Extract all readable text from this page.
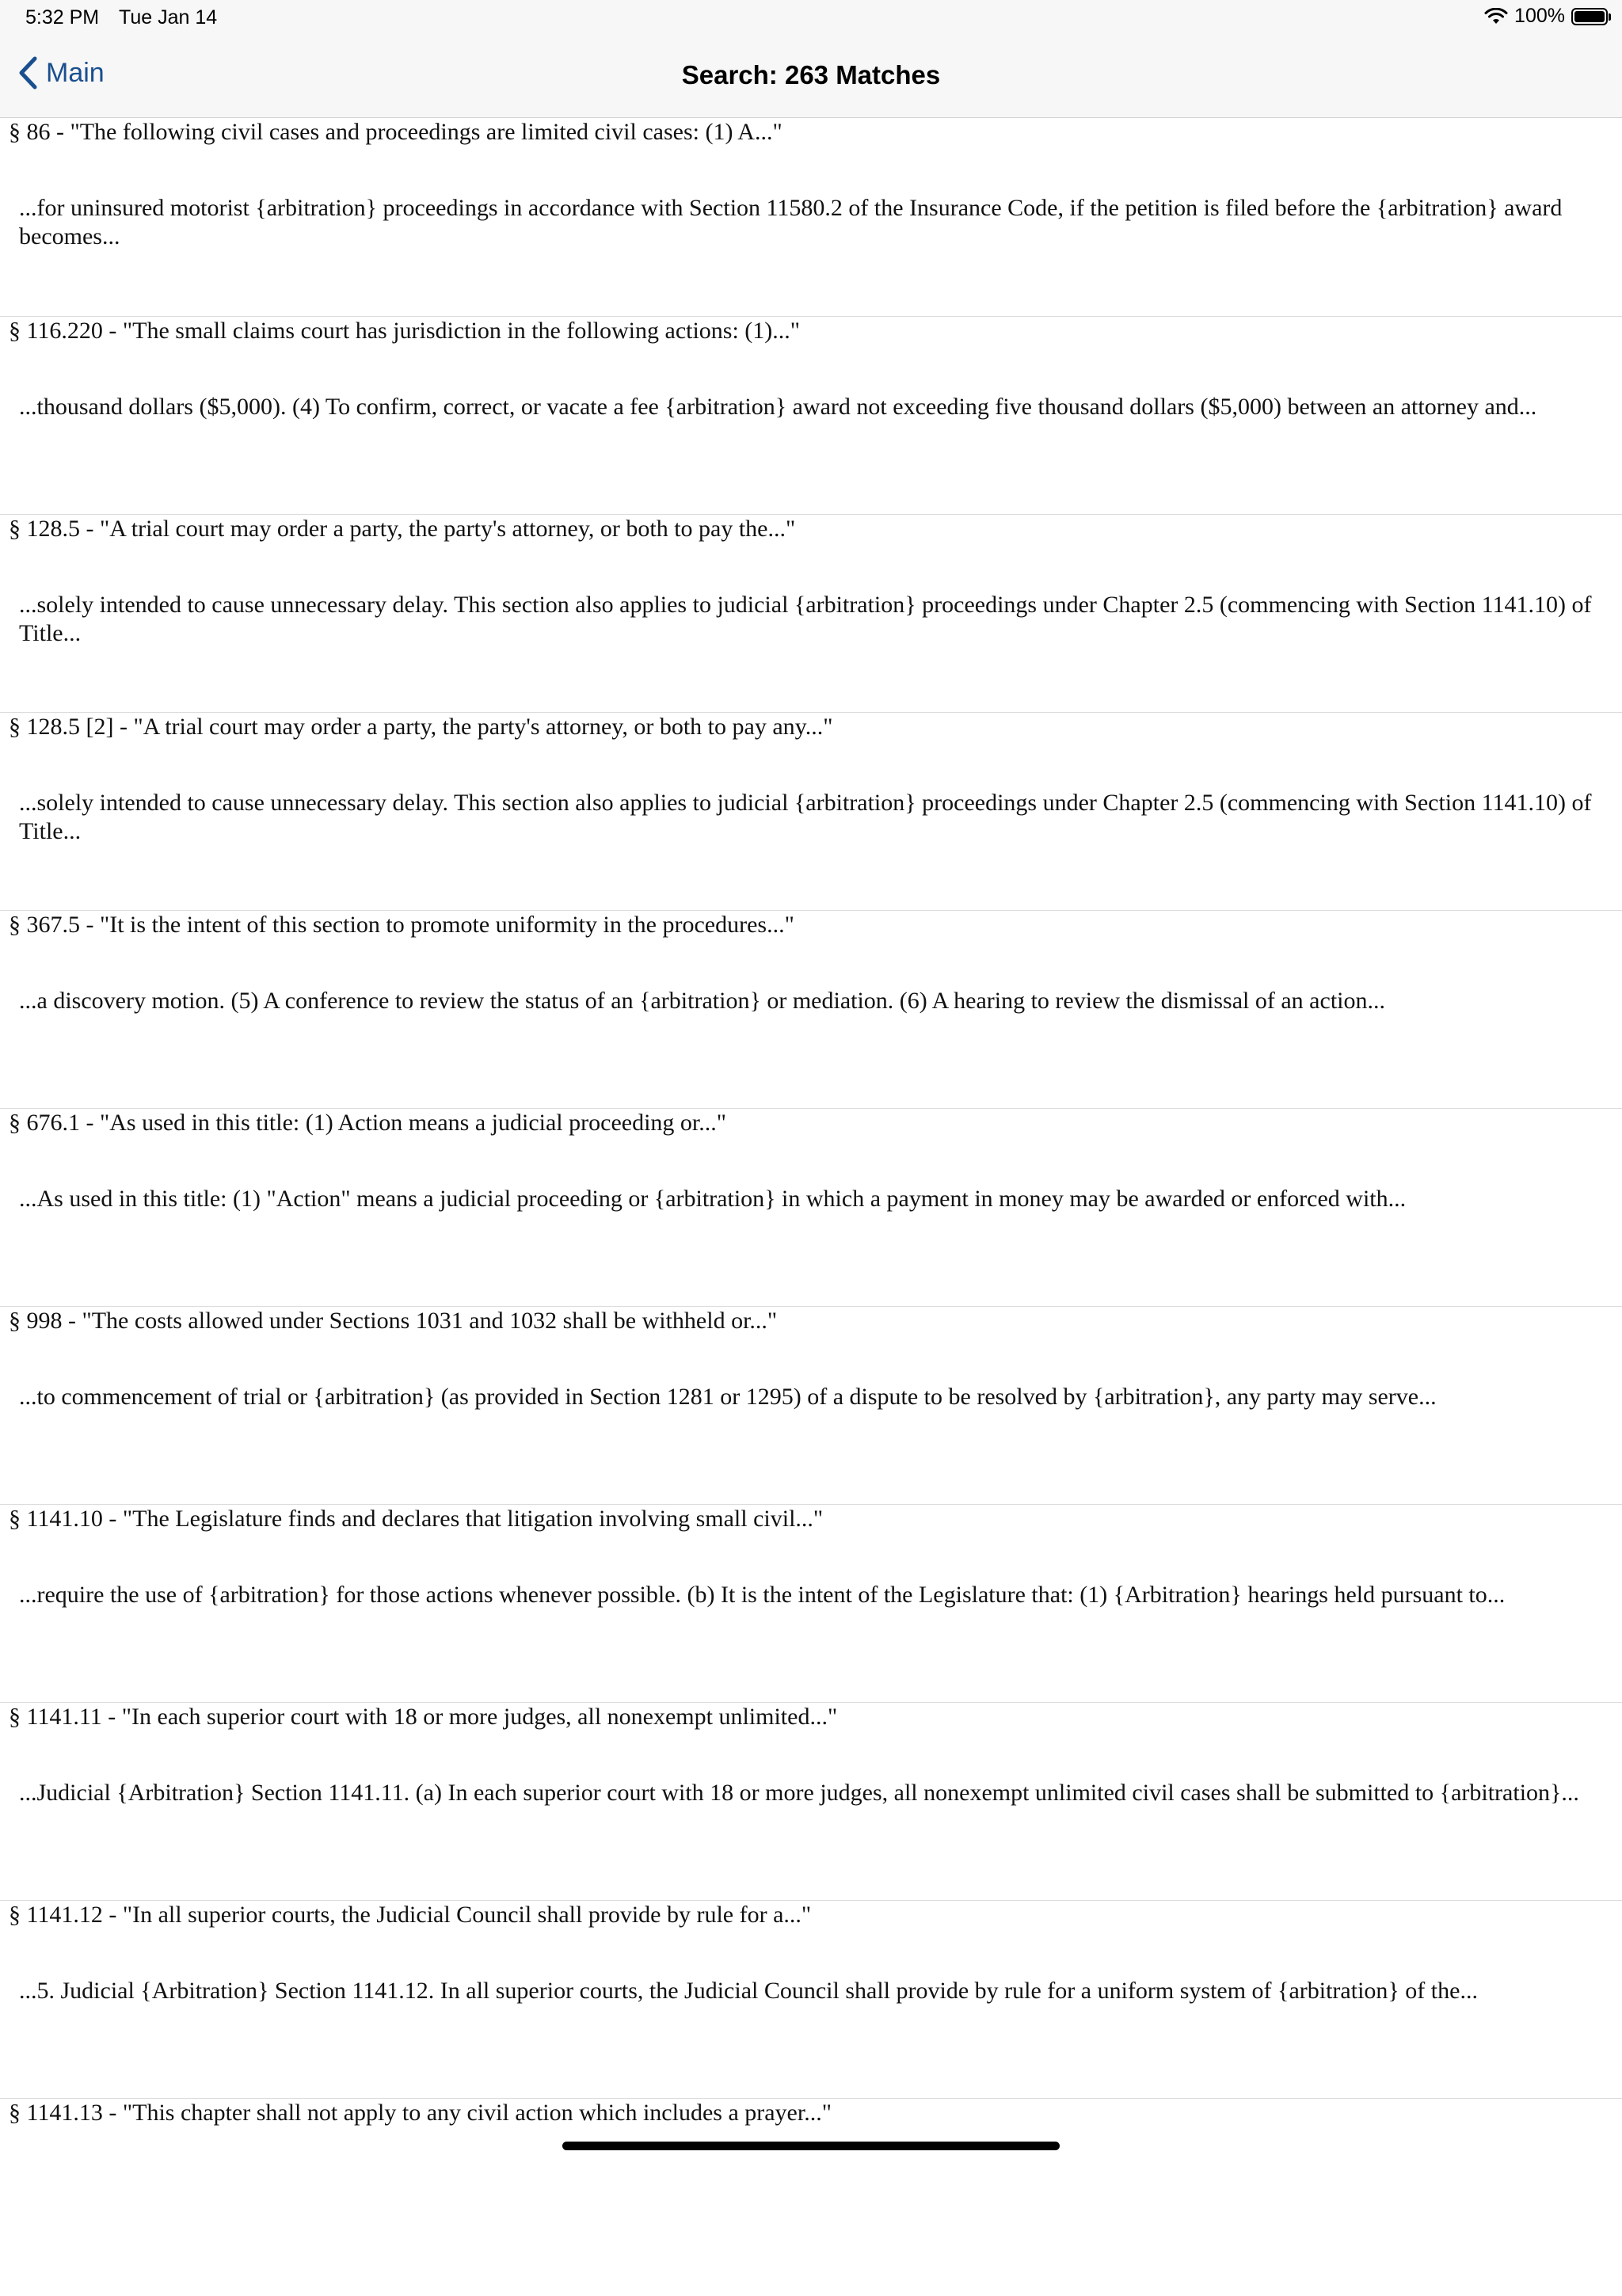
5:32 PM Tue Jan 14	100%
Main	Search: 263 Matches
§ 86 - "The following civil cases and proceedings are limited civil cases: (1) A..."
...for uninsured motorist {arbitration} proceedings in accordance with Section 11580.2 of the Insurance Code, if the petition is filed before the {arbitration} award becomes...
§ 116.220 - "The small claims court has jurisdiction in the following actions: (1)..."
...thousand dollars ($5,000). (4) To confirm, correct, or vacate a fee {arbitration} award not exceeding five thousand dollars ($5,000) between an attorney and...
§ 128.5 - "A trial court may order a party, the party's attorney, or both to pay the..."
...solely intended to cause unnecessary delay. This section also applies to judicial {arbitration} proceedings under Chapter 2.5 (commencing with Section 1141.10) of Title...
§ 128.5 [2] - "A trial court may order a party, the party's attorney, or both to pay any..."
...solely intended to cause unnecessary delay. This section also applies to judicial {arbitration} proceedings under Chapter 2.5 (commencing with Section 1141.10) of Title...
§ 367.5 - "It is the intent of this section to promote uniformity in the procedures..."
...a discovery motion. (5) A conference to review the status of an {arbitration} or mediation. (6) A hearing to review the dismissal of an action...
§ 676.1 - "As used in this title: (1) Action means a judicial proceeding or..."
...As used in this title: (1) "Action" means a judicial proceeding or {arbitration} in which a payment in money may be awarded or enforced with...
§ 998 - "The costs allowed under Sections 1031 and 1032 shall be withheld or..."
...to commencement of trial or {arbitration} (as provided in Section 1281 or 1295) of a dispute to be resolved by {arbitration}, any party may serve...
§ 1141.10 - "The Legislature finds and declares that litigation involving small civil..."
...require the use of {arbitration} for those actions whenever possible. (b) It is the intent of the Legislature that: (1) {Arbitration} hearings held pursuant to...
§ 1141.11 - "In each superior court with 18 or more judges, all nonexempt unlimited..."
...Judicial {Arbitration} Section 1141.11. (a) In each superior court with 18 or more judges, all nonexempt unlimited civil cases shall be submitted to {arbitration}...
§ 1141.12 - "In all superior courts, the Judicial Council shall provide by rule for a..."
...5. Judicial {Arbitration} Section 1141.12. In all superior courts, the Judicial Council shall provide by rule for a uniform system of {arbitration} of the...
§ 1141.13 - "This chapter shall not apply to any civil action which includes a prayer..."
